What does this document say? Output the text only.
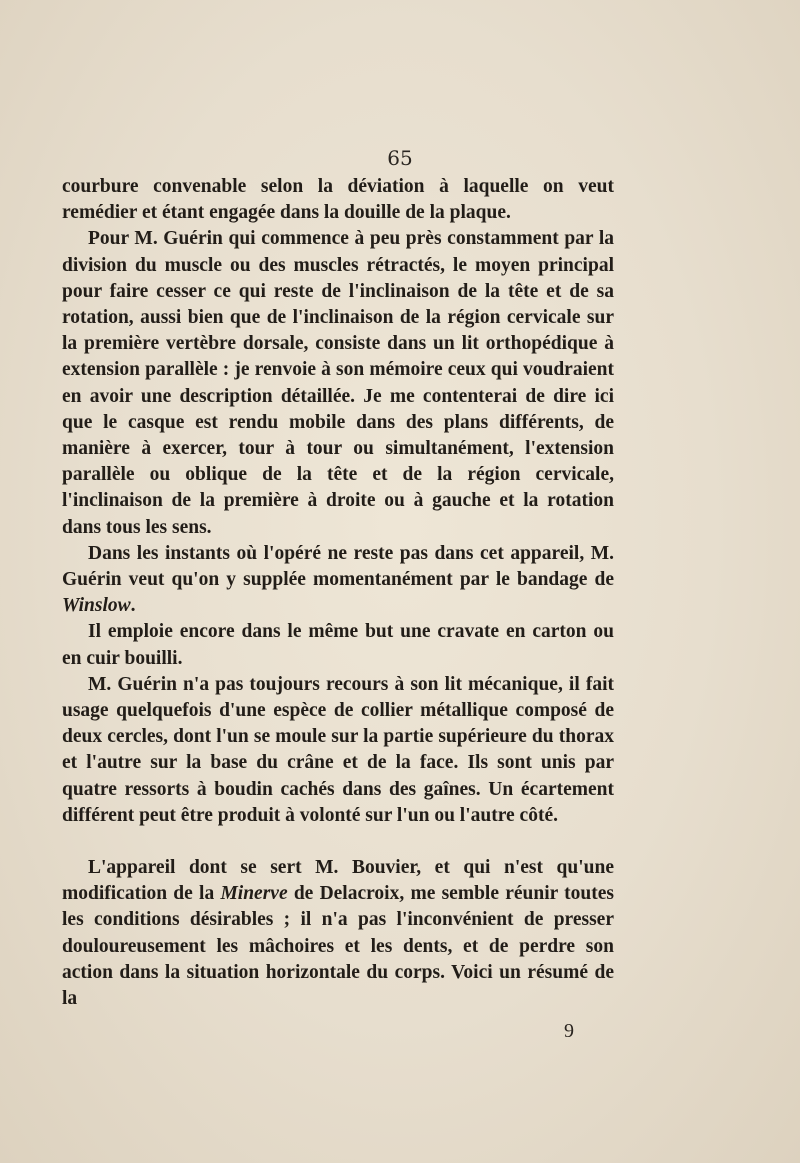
65

courbure convenable selon la déviation à laquelle on veut remédier et étant engagée dans la douille de la plaque.

Pour M. Guérin qui commence à peu près constamment par la division du muscle ou des muscles rétractés, le moyen principal pour faire cesser ce qui reste de l'inclinaison de la tête et de sa rotation, aussi bien que de l'inclinaison de la région cervicale sur la première vertèbre dorsale, consiste dans un lit orthopédique à extension parallèle : je renvoie à son mémoire ceux qui voudraient en avoir une description détaillée. Je me contenterai de dire ici que le casque est rendu mobile dans des plans différents, de manière à exercer, tour à tour ou simultanément, l'extension parallèle ou oblique de la tête et de la région cervicale, l'inclinaison de la première à droite ou à gauche et la rotation dans tous les sens.

Dans les instants où l'opéré ne reste pas dans cet appareil, M. Guérin veut qu'on y supplée momentanément par le bandage de Winslow.

Il emploie encore dans le même but une cravate en carton ou en cuir bouilli.

M. Guérin n'a pas toujours recours à son lit mécanique, il fait usage quelquefois d'une espèce de collier métallique composé de deux cercles, dont l'un se moule sur la partie supérieure du thorax et l'autre sur la base du crâne et de la face. Ils sont unis par quatre ressorts à boudin cachés dans des gaînes. Un écartement différent peut être produit à volonté sur l'un ou l'autre côté.

L'appareil dont se sert M. Bouvier, et qui n'est qu'une modification de la Minerve de Delacroix, me semble réunir toutes les conditions désirables ; il n'a pas l'inconvénient de presser douloureusement les mâchoires et les dents, et de perdre son action dans la situation horizontale du corps. Voici un résumé de la

9
